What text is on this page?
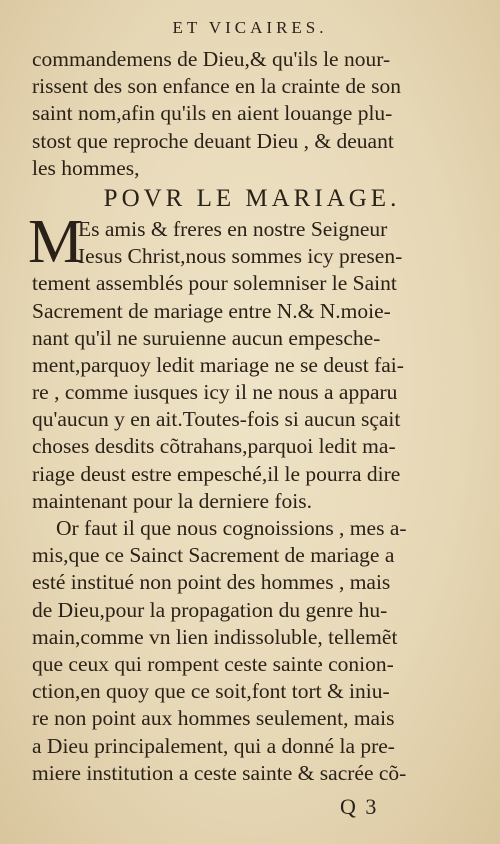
ET VICAIRES.
commandemens de Dieu,& qu'ils le nour-
rissent des son enfance en la crainte de son
saint nom,afin qu'ils en aient louange plu-
stost que reproche deuant Dieu , & deuant
les hommes,
POVR LE MARIAGE.
M
Es amis & freres en nostre Seigneur
Iesus Christ,nous sommes icy presen-
tement assemblés pour solemniser le Saint
Sacrement de mariage entre N.& N.moie-
nant qu'il ne suruienne aucun empesche-
ment,parquoy ledit mariage ne se deust fai-
re , comme iusques icy il ne nous a apparu
qu'aucun y en ait.Toutes-fois si aucun sçait
choses desdits cõtrahans,parquoi ledit ma-
riage deust estre empesché,il le pourra dire
maintenant pour la derniere fois.
Or faut il que nous cognoissions , mes a-
mis,que ce Sainct Sacrement de mariage a
esté institué non point des hommes , mais
de Dieu,pour la propagation du genre hu-
main,comme vn lien indissoluble, tellemẽt
que ceux qui rompent ceste sainte conion-
ction,en quoy que ce soit,font tort & iniu-
re non point aux hommes seulement, mais
a Dieu principalement, qui a donné la pre-
miere institution a ceste sainte & sacrée cõ-
Q 3
